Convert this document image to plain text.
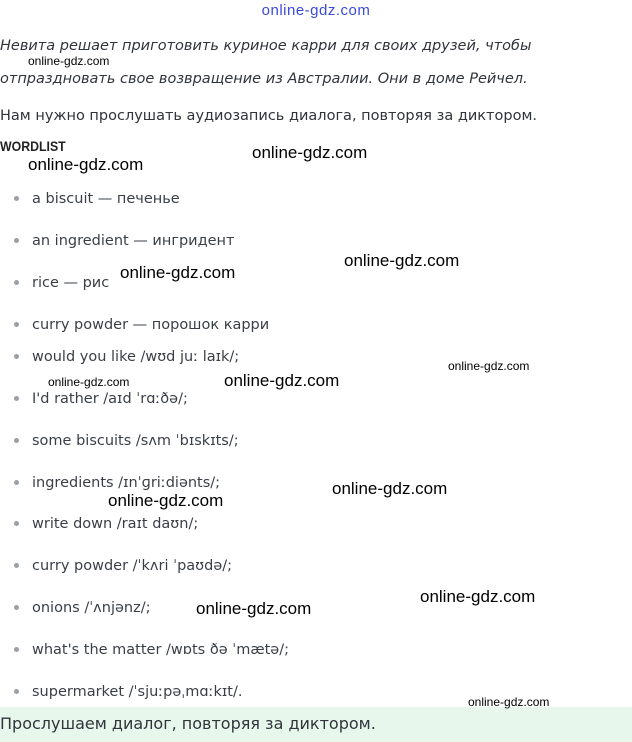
online-gdz.com
Невита решает приготовить куриное карри для своих друзей, чтобы отпраздновать свое возвращение из Австралии. Они в доме Рейчел.
Нам нужно прослушать аудиозапись диалога, повторяя за диктором.
WORDLIST
a biscuit — печенье
an ingredient — ингридент
rice — рис
curry powder — порошок карри
would you like /wʊd juː laɪk/;
I'd rather /aɪd ˈrɑːðə/;
some biscuits /sʌm ˈbɪskɪts/;
ingredients /ɪnˈɡriːdiənts/;
write down /raɪt daʊn/;
curry powder /ˈkʌri ˈpaʊdə/;
onions /ˈʌnjənz/;
what's the matter /wɒts ðə ˈmætə/;
supermarket /ˈsjuːpəˌmɑːkɪt/.
Прослушаем диалог, повторяя за диктором.
online-gdz.com
online-gdz.com
online-gdz.com
online-gdz.com
online-gdz.com
online-gdz.com	online-gdz.com
online-gdz.com
online-gdz.com
online-gdz.com
online-gdz.com
online-gdz.com
online-gdz.com
